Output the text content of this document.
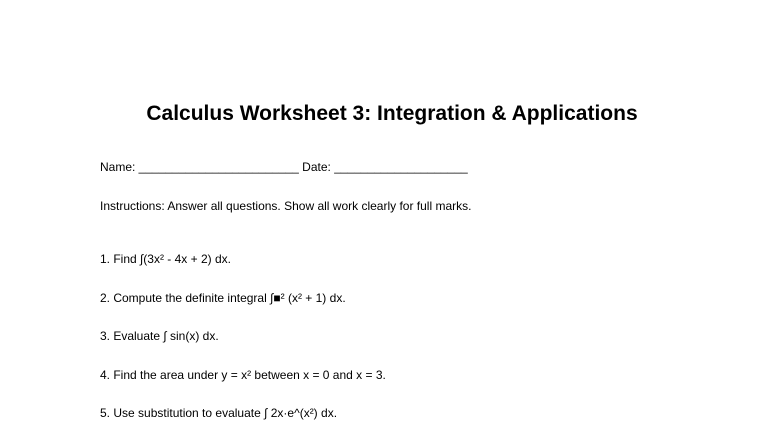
Calculus Worksheet 3: Integration & Applications
Name: ________________________ Date: ____________________
Instructions: Answer all questions. Show all work clearly for full marks.
1. Find ∫(3x² - 4x + 2) dx.
2. Compute the definite integral ∫■² (x² + 1) dx.
3. Evaluate ∫ sin(x) dx.
4. Find the area under y = x² between x = 0 and x = 3.
5. Use substitution to evaluate ∫ 2x·e^(x²) dx.
